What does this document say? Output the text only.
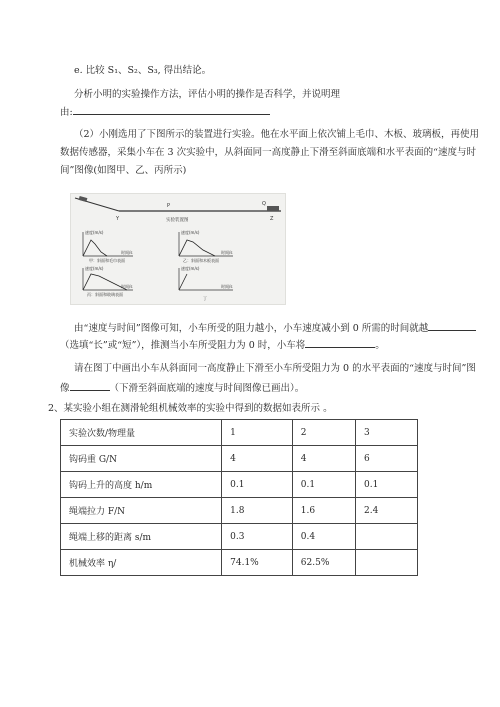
e. 比较 S₁、S₂、S₃, 得出结论。
分析小明的实验操作方法，评估小明的操作是否科学，并说明理
由:
（2）小刚选用了下图所示的装置进行实验。他在水平面上依次铺上毛巾、木板、玻璃板，再使用
数据传感器，采集小车在 3 次实验中，从斜面同一高度静止下滑至斜面底端和水平表面的“速度与时
间”图像(如图甲、乙、丙所示)
Y
P	Q
Z
实验装置图
速度(m/s)
时间/s
甲：斜面和毛巾表面
速度(m/s)
时间/s
乙：斜面和木板表面
速度(m/s)
时间/s
丙：斜面和玻璃表面
速度(m/s)
时间/s
丁
由“速度与时间”图像可知，小车所受的阻力越小，小车速度减小到 0 所需的时间就越
（选填“长”或“短”），推测当小车所受阻力为 0 时，小车将	。
请在图丁中画出小车从斜面同一高度静止下滑至小车所受阻力为 0 的水平表面的“速度与时间”图
像	（下滑至斜面底端的速度与时间图像已画出）。
2、某实验小组在测滑轮组机械效率的实验中得到的数据如表所示 。
实验次数/物理量	1	2	3
钩码重 G/N	4	4	6
钩码上升的高度 h/m	0.1	0.1	0.1
绳端拉力 F/N	1.8	1.6	2.4
绳端上移的距离 s/m	0.3	0.4	
机械效率 η/	74.1%	62.5%	
